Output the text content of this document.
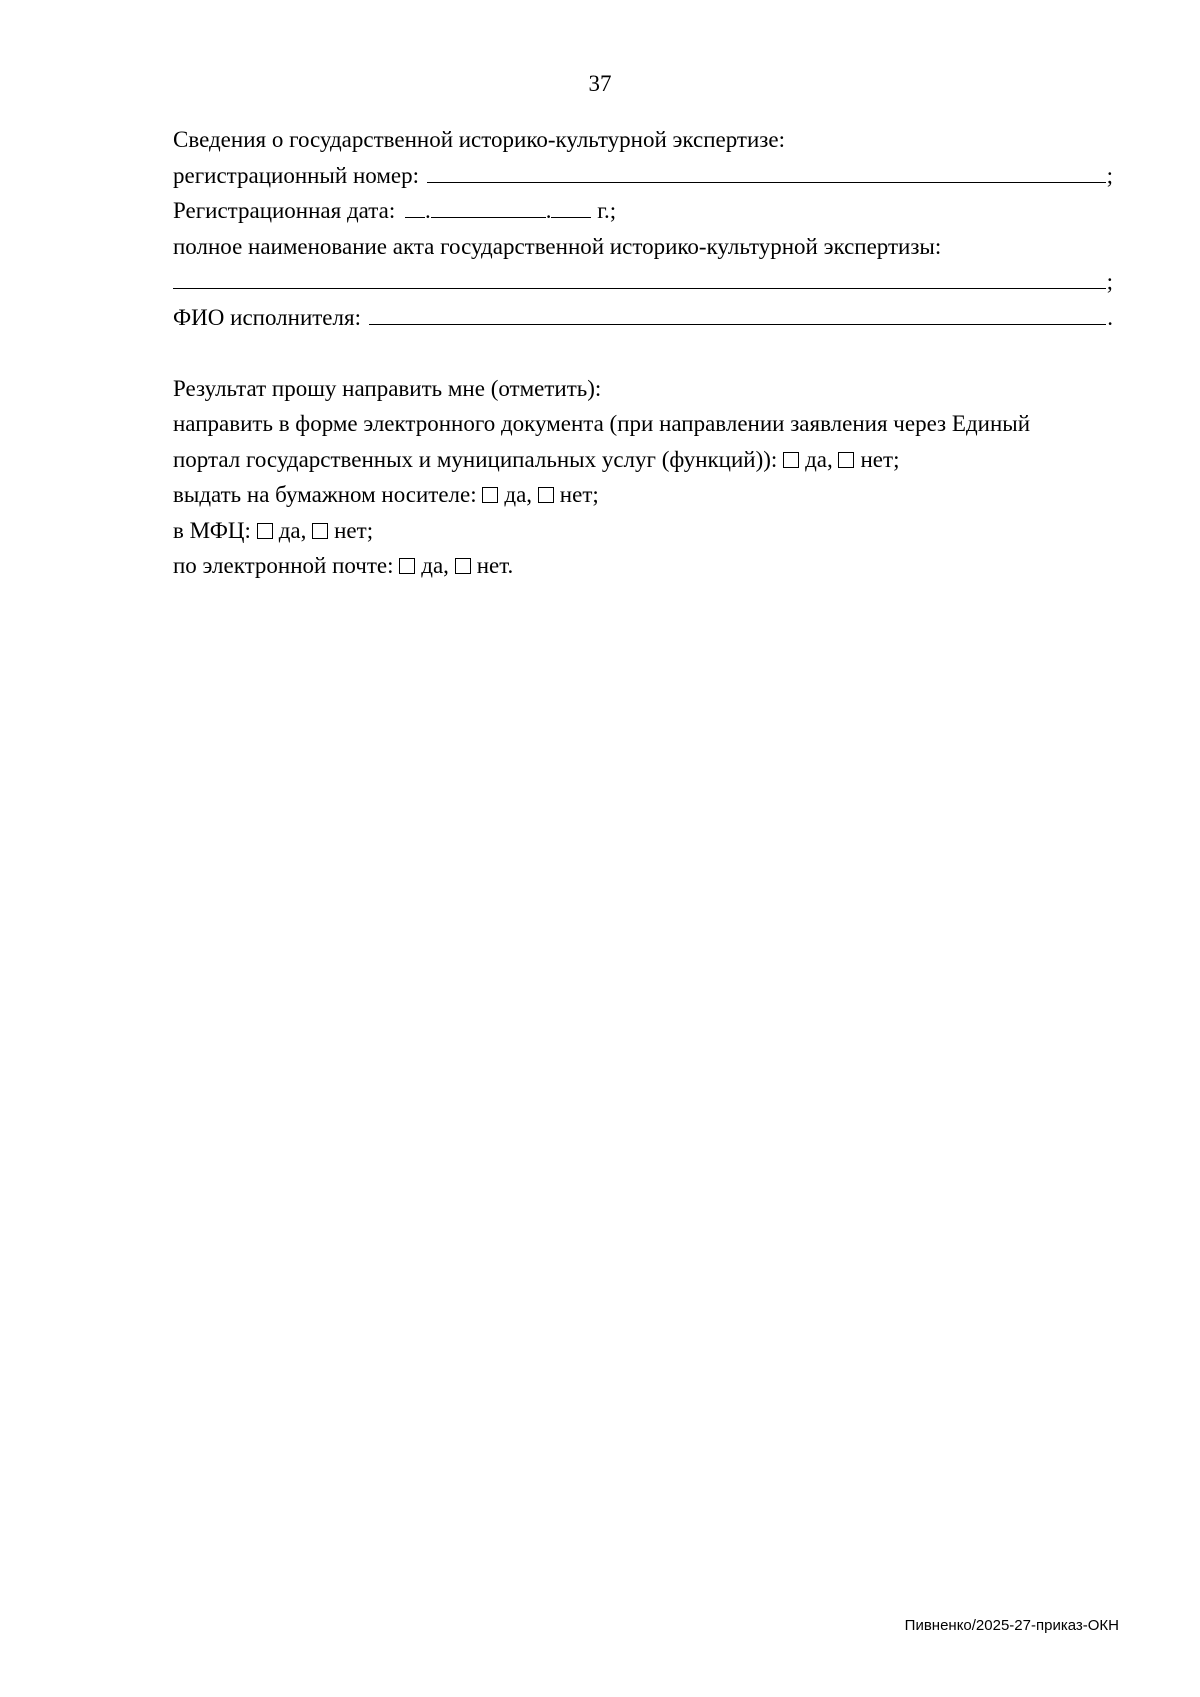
37
Сведения о государственной историко-культурной экспертизе:
регистрационный номер:	;
Регистрационная дата: .	. г.;
полное наименование акта государственной историко-культурной экспертизы:
;
ФИО исполнителя:	.
Результат прошу направить мне (отметить):
направить в форме электронного документа (при направлении заявления через Единый
портал государственных и муниципальных услуг (функций)): да, нет;
выдать на бумажном носителе: да, нет;
в МФЦ: да, нет;
по электронной почте: да, нет.
Пивненко/2025-27-приказ-ОКН
